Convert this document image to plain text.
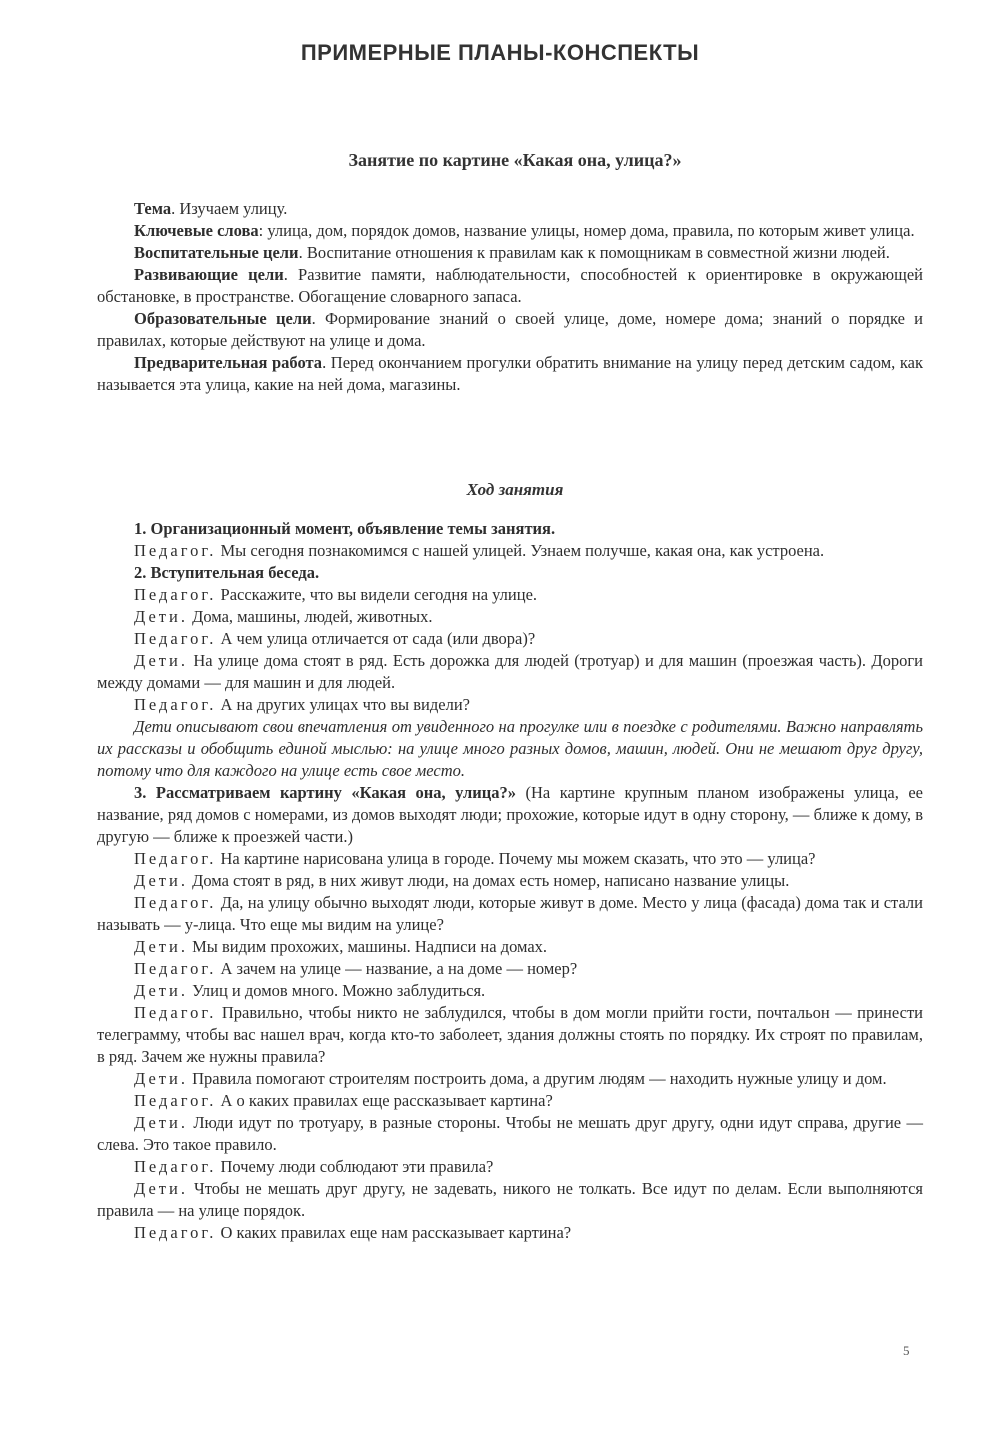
ПРИМЕРНЫЕ ПЛАНЫ-КОНСПЕКТЫ
Занятие по картине «Какая она, улица?»

Тема. Изучаем улицу.

Ключевые слова: улица, дом, порядок домов, название улицы, номер дома, правила, по которым живет улица.

Воспитательные цели. Воспитание отношения к правилам как к помощникам в совместной жизни людей.

Развивающие цели. Развитие памяти, наблюдательности, способностей к ориентировке в окружающей обстановке, в пространстве. Обогащение словарного запаса.

Образовательные цели. Формирование знаний о своей улице, доме, номере дома; знаний о порядке и правилах, которые действуют на улице и дома.

Предварительная работа. Перед окончанием прогулки обратить внимание на улицу перед детским садом, как называется эта улица, какие на ней дома, магазины.

Ход занятия

1. Организационный момент, объявление темы занятия.

Педагог. Мы сегодня познакомимся с нашей улицей. Узнаем получше, какая она, как устроена.

2. Вступительная беседа.

Педагог. Расскажите, что вы видели сегодня на улице.

Дети. Дома, машины, людей, животных.

Педагог. А чем улица отличается от сада (или двора)?

Дети. На улице дома стоят в ряд. Есть дорожка для людей (тротуар) и для машин (проезжая часть). Дороги между домами — для машин и для людей.

Педагог. А на других улицах что вы видели?

Дети описывают свои впечатления от увиденного на прогулке или в поездке с родителями. Важно направлять их рассказы и обобщить единой мыслью: на улице много разных домов, машин, людей. Они не мешают друг другу, потому что для каждого на улице есть свое место.

3. Рассматриваем картину «Какая она, улица?» (На картине крупным планом изображены улица, ее название, ряд домов с номерами, из домов выходят люди; прохожие, которые идут в одну сторону, — ближе к дому, в другую — ближе к проезжей части.)

Педагог. На картине нарисована улица в городе. Почему мы можем сказать, что это — улица?

Дети. Дома стоят в ряд, в них живут люди, на домах есть номер, написано название улицы.

Педагог. Да, на улицу обычно выходят люди, которые живут в доме. Место у лица (фасада) дома так и стали называть — у-лица. Что еще мы видим на улице?

Дети. Мы видим прохожих, машины. Надписи на домах.

Педагог. А зачем на улице — название, а на доме — номер?

Дети. Улиц и домов много. Можно заблудиться.

Педагог. Правильно, чтобы никто не заблудился, чтобы в дом могли прийти гости, почтальон — принести телеграмму, чтобы вас нашел врач, когда кто-то заболеет, здания должны стоять по порядку. Их строят по правилам, в ряд. Зачем же нужны правила?

Дети. Правила помогают строителям построить дома, а другим людям — находить нужные улицу и дом.

Педагог. А о каких правилах еще рассказывает картина?

Дети. Люди идут по тротуару, в разные стороны. Чтобы не мешать друг другу, одни идут справа, другие — слева. Это такое правило.

Педагог. Почему люди соблюдают эти правила?

Дети. Чтобы не мешать друг другу, не задевать, никого не толкать. Все идут по делам. Если выполняются правила — на улице порядок.

Педагог. О каких правилах еще нам рассказывает картина?

5
